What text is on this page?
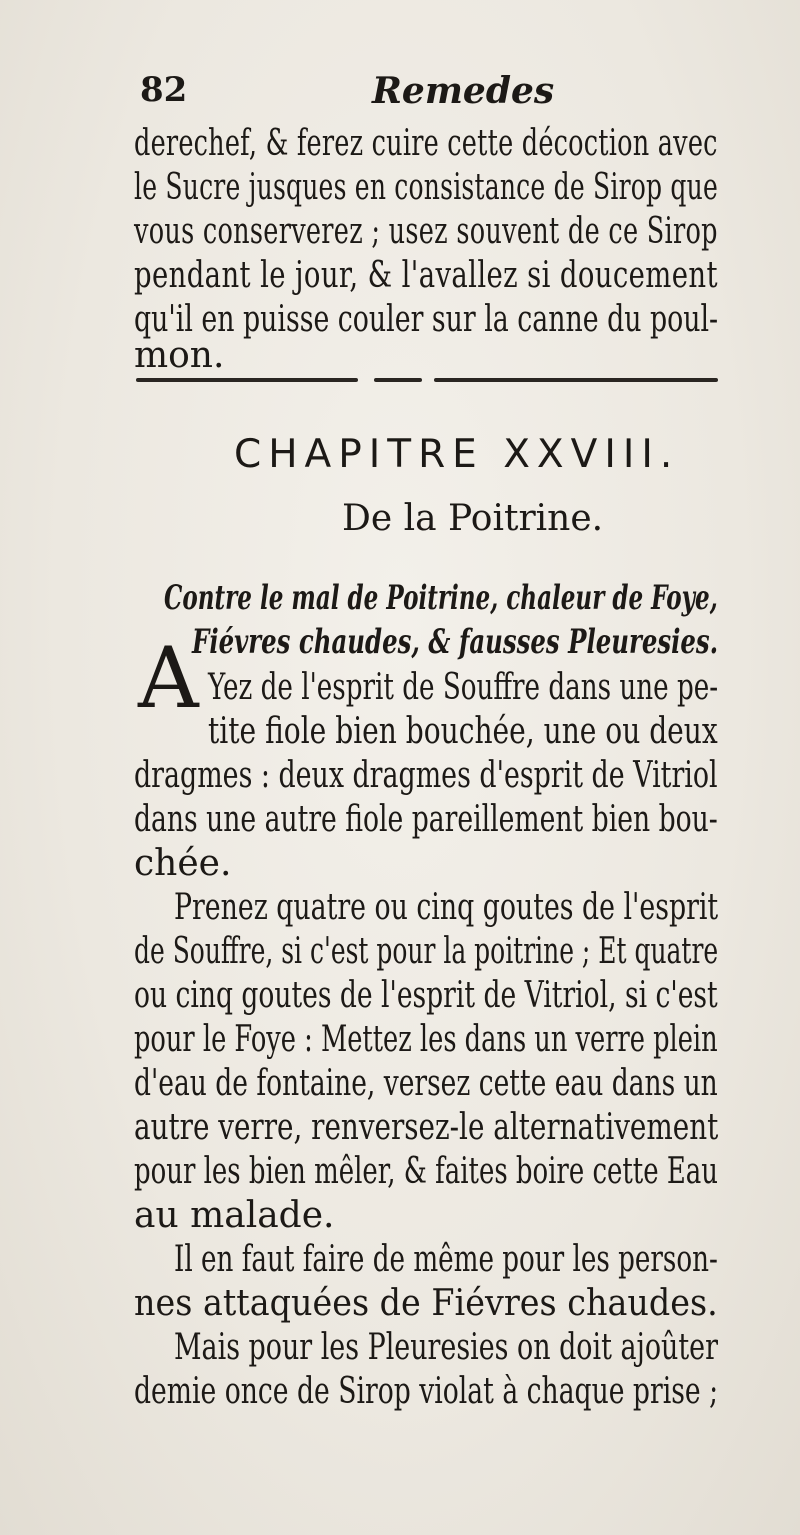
82	Remedes
derechef, & ferez cuire cette décoction avec
le Sucre jusques en consistance de Sirop que
vous conserverez ; usez souvent de ce Sirop
pendant le jour, & l'avallez si doucement
qu'il en puisse couler sur la canne du poul-
mon.
CHAPITRE XXVIII.
De la Poitrine.
Contre le mal de Poitrine, chaleur de Foye,
Fiévres chaudes, & fausses Pleuresies.
A Yez de l'esprit de Souffre dans une pe-
tite fiole bien bouchée, une ou deux
dragmes : deux dragmes d'esprit de Vitriol
dans une autre fiole pareillement bien bou-
chée.
Prenez quatre ou cinq goutes de l'esprit
de Souffre, si c'est pour la poitrine ; Et quatre
ou cinq goutes de l'esprit de Vitriol, si c'est
pour le Foye : Mettez les dans un verre plein
d'eau de fontaine, versez cette eau dans un
autre verre, renversez-le alternativement
pour les bien mêler, & faites boire cette Eau
au malade.
Il en faut faire de même pour les person-
nes attaquées de Fiévres chaudes.
Mais pour les Pleuresies on doit ajoûter
demie once de Sirop violat à chaque prise ;
